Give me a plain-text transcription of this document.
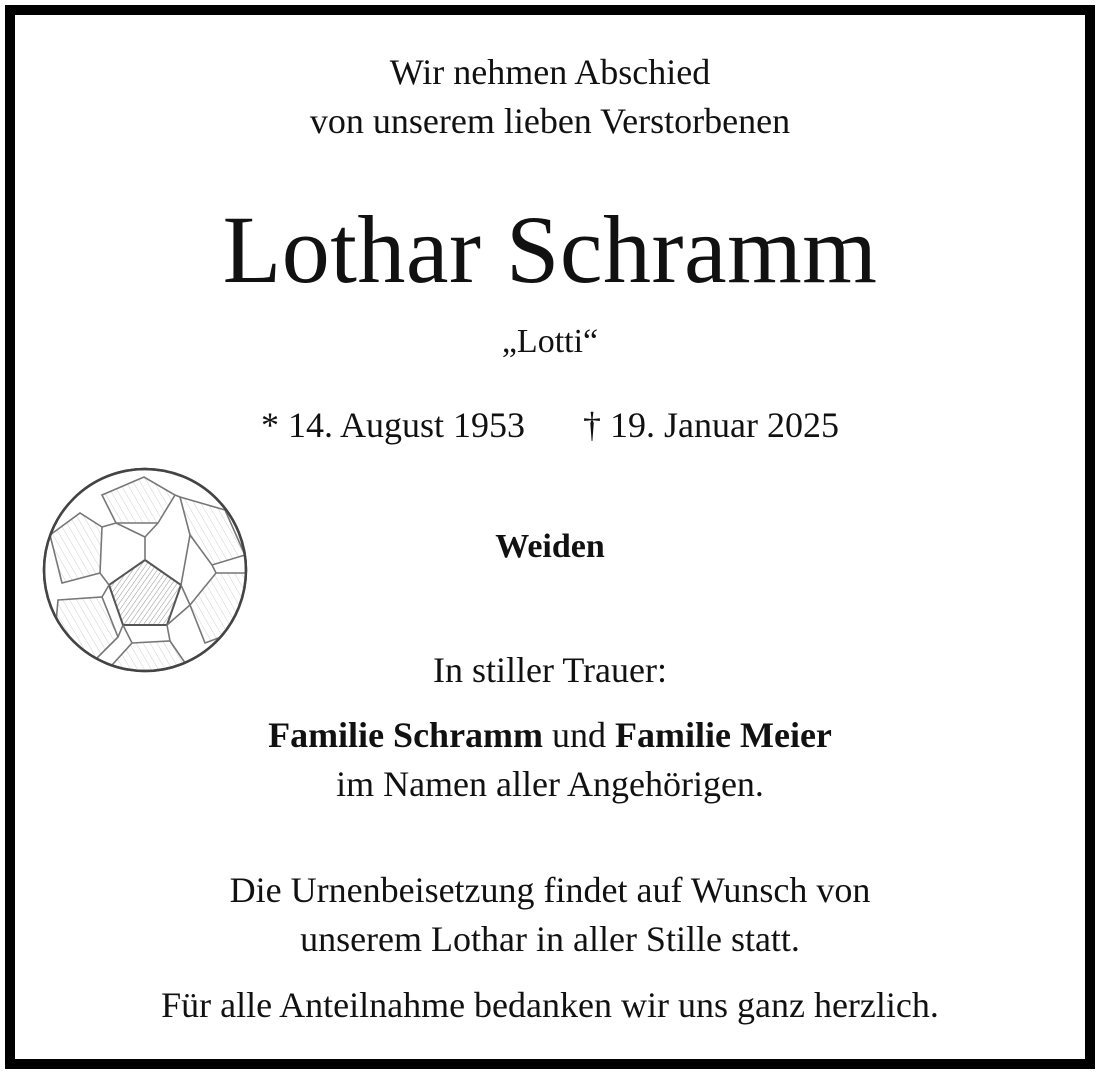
Wir nehmen Abschied
von unserem lieben Verstorbenen
Lothar Schramm
„Lotti“
* 14. August 1953 † 19. Januar 2025
Weiden
In stiller Trauer:
Familie Schramm und Familie Meier
im Namen aller Angehörigen.
Die Urnenbeisetzung findet auf Wunsch von
unserem Lothar in aller Stille statt.
Für alle Anteilnahme bedanken wir uns ganz herzlich.
